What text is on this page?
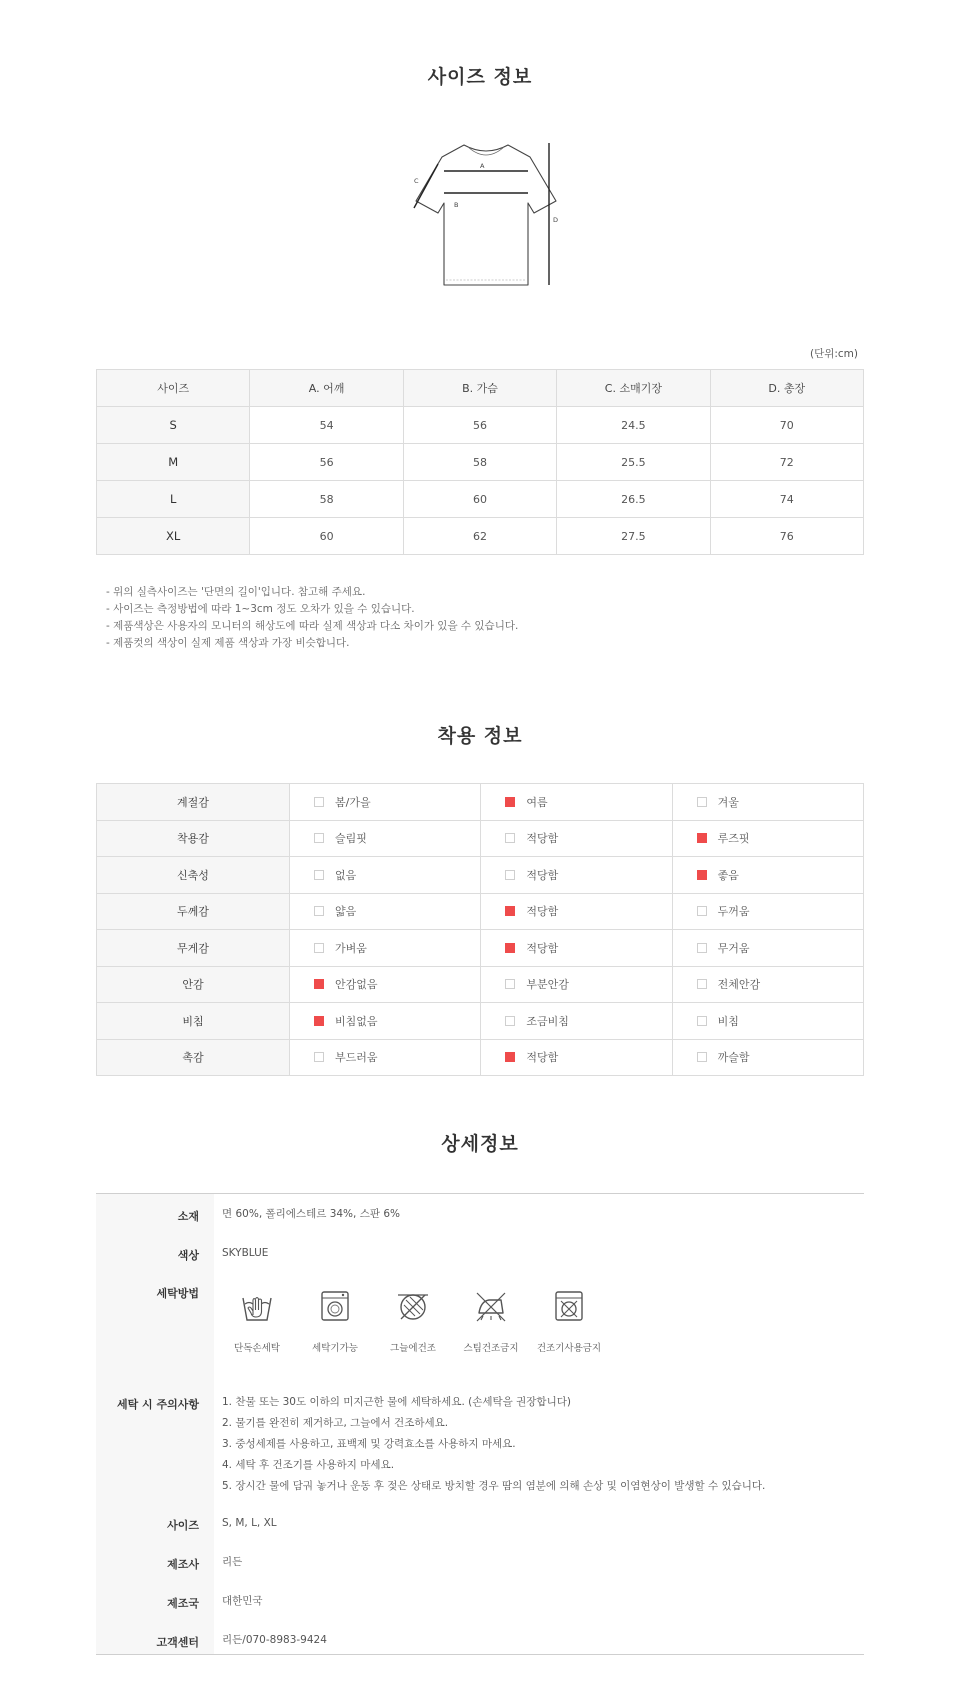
사이즈 정보
A
B
C
D
(단위:cm)
사이즈	A. 어깨	B. 가슴	C. 소매기장	D. 총장
S	54	56	24.5	70
M	56	58	25.5	72
L	58	60	26.5	74
XL	60	62	27.5	76
- 위의 실측사이즈는 '단면의 길이'입니다. 참고해 주세요.
- 사이즈는 측정방법에 따라 1~3cm 정도 오차가 있을 수 있습니다.
- 제품색상은 사용자의 모니터의 해상도에 따라 실제 색상과 다소 차이가 있을 수 있습니다.
- 제품컷의 색상이 실제 제품 색상과 가장 비슷합니다.
착용 정보
계절감	봄/가을	여름	겨울
착용감	슬림핏	적당함	루즈핏
신축성	없음	적당함	좋음
두께감	얇음	적당함	두꺼움
무게감	가벼움	적당함	무거움
안감	안감없음	부분안감	전체안감
비침	비침없음	조금비침	비침
촉감	부드러움	적당함	까슬함
상세정보
소재 면 60%, 폴리에스테르 34%, 스판 6%
색상 SKYBLUE
세탁방법
단독손세탁	세탁기가능	그늘에건조	스팀건조금지	건조기사용금지
세탁 시 주의사항 1. 찬물 또는 30도 이하의 미지근한 물에 세탁하세요. (손세탁을 권장합니다)
2. 물기를 완전히 제거하고, 그늘에서 건조하세요.
3. 중성세제를 사용하고, 표백제 및 강력효소를 사용하지 마세요.
4. 세탁 후 건조기를 사용하지 마세요.
5. 장시간 물에 담궈 놓거나 운동 후 젖은 상태로 방치할 경우 땀의 염분에 의해 손상 및 이염현상이 발생할 수 있습니다.
사이즈 S, M, L, XL
제조사 리든
제조국 대한민국
고객센터 리든/070-8983-9424
